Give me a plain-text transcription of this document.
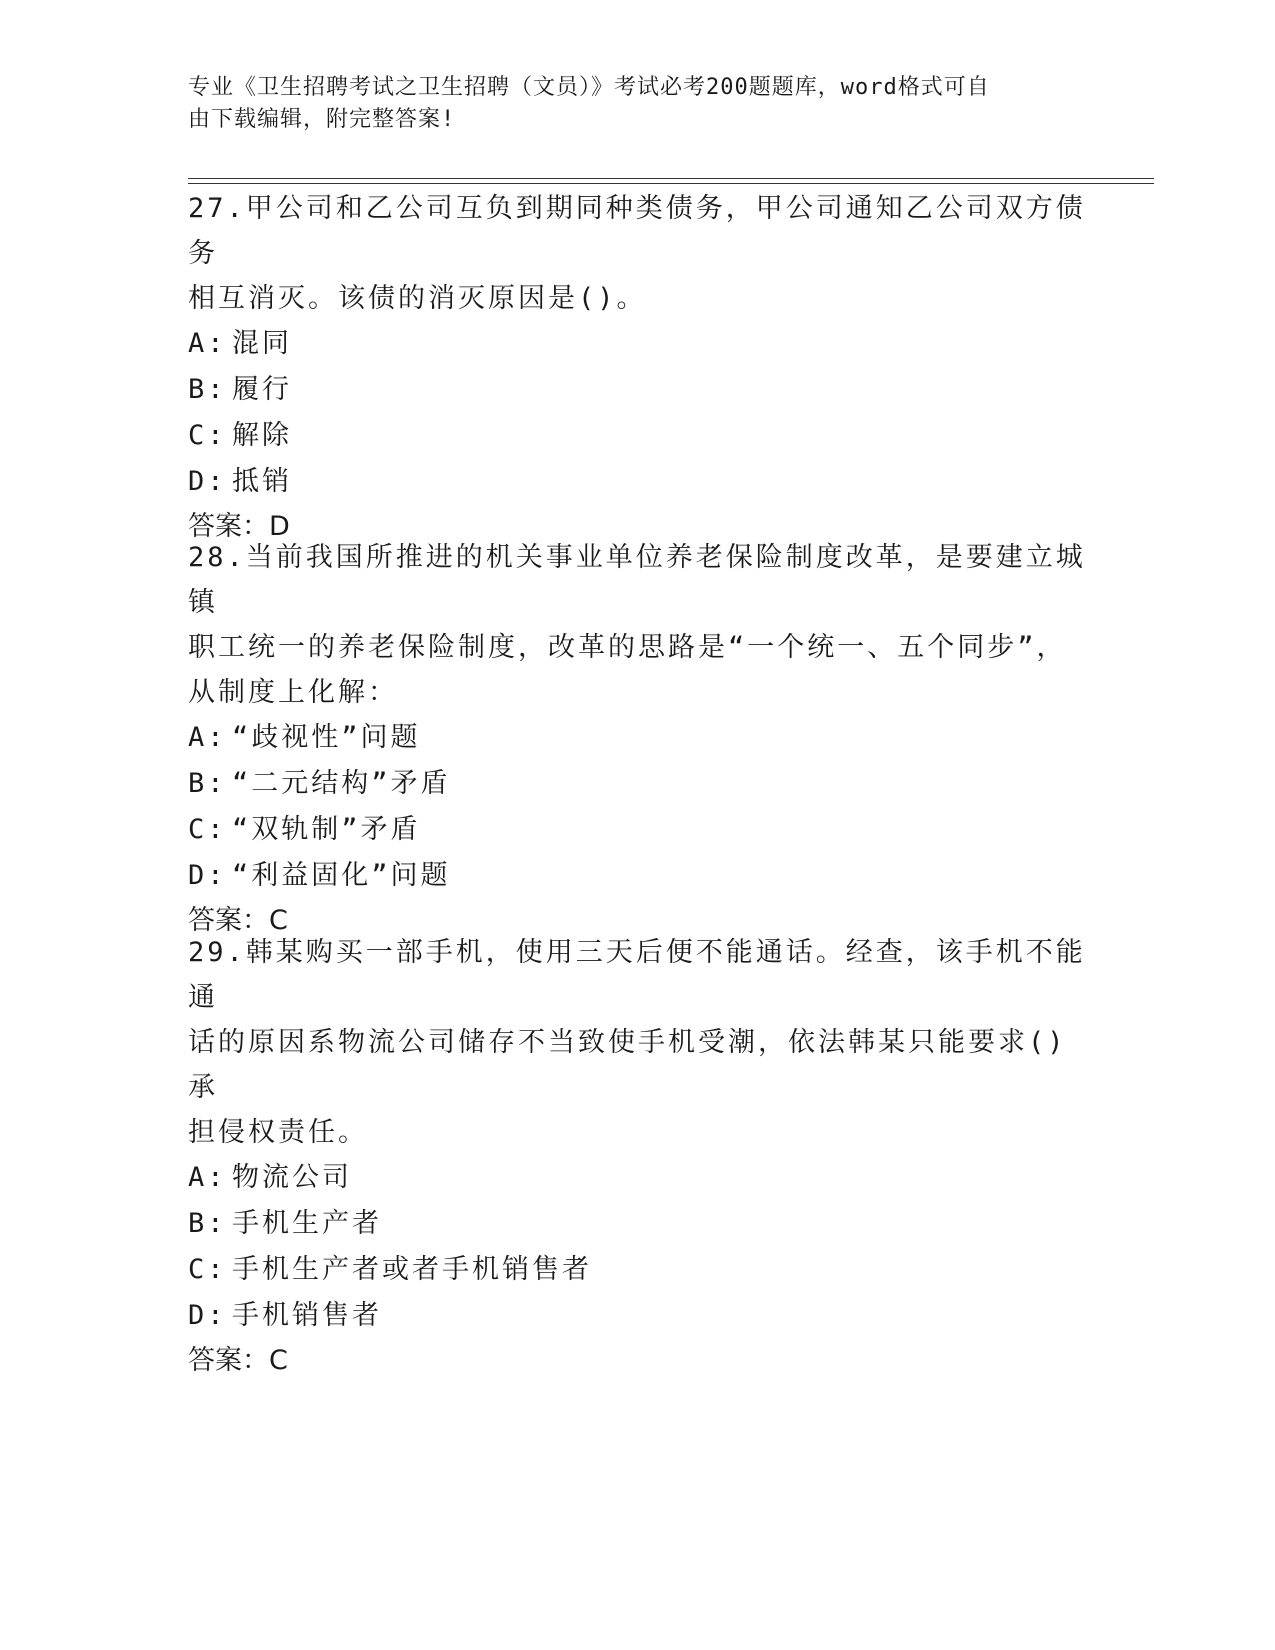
专业《卫生招聘考试之卫生招聘（文员）》考试必考200题题库，word格式可自
由下载编辑，附完整答案!
27.甲公司和乙公司互负到期同种类债务，甲公司通知乙公司双方债务
相互消灭。该债的消灭原因是()。
A: 混同
B: 履行
C: 解除
D: 抵销
答案：D
28.当前我国所推进的机关事业单位养老保险制度改革，是要建立城镇
职工统一的养老保险制度，改革的思路是“一个统一、五个同步”，
从制度上化解：
A: “歧视性”问题
B: “二元结构”矛盾
C: “双轨制”矛盾
D: “利益固化”问题
答案：C
29.韩某购买一部手机，使用三天后便不能通话。经查，该手机不能通
话的原因系物流公司储存不当致使手机受潮，依法韩某只能要求()承
担侵权责任。
A: 物流公司
B: 手机生产者
C: 手机生产者或者手机销售者
D: 手机销售者
答案：C
